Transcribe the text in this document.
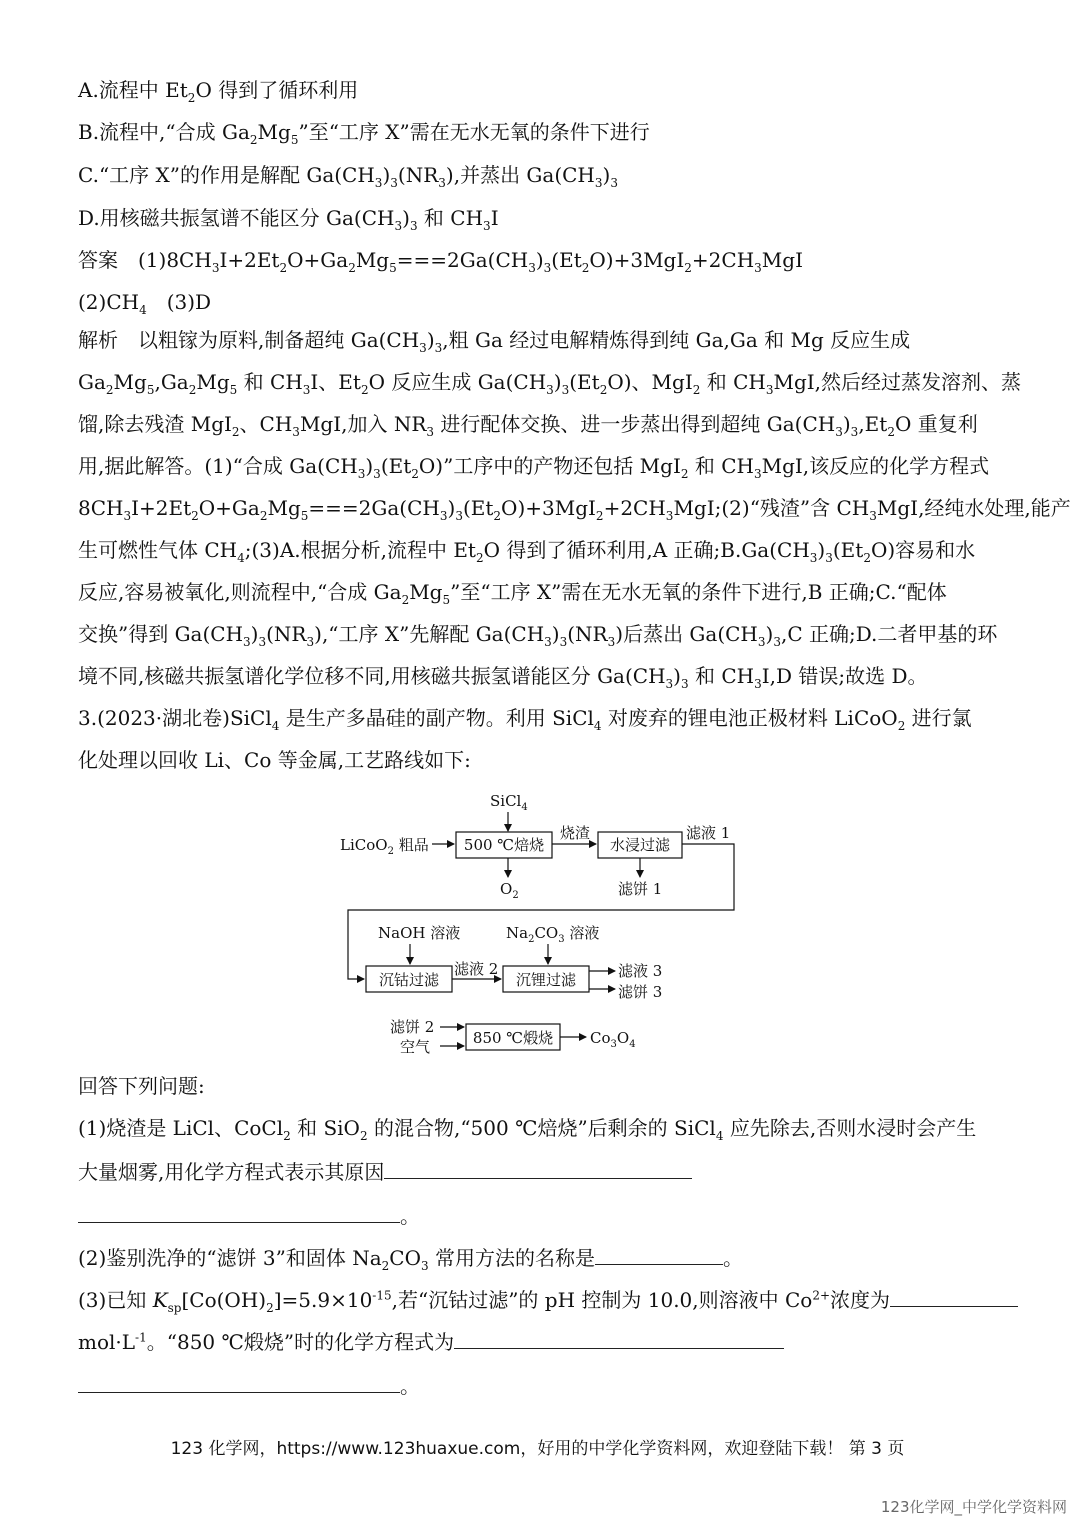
A.流程中 $Et_2O$ 得到了循环利用
B.流程中,“合成 $Ga_2Mg_5$”至“工序 X”需在无水无氧的条件下进行
C.“工序 X”的作用是解配 $Ga(CH_3)_3(NR_3)$,并蒸出 $Ga(CH_3)_3$
D.用核磁共振氢谱不能区分 $Ga(CH_3)_3$ 和 $CH_3I$
答案　$(1)8CH_3I+2Et_2O+Ga_2Mg_5===2Ga(CH_3)_3(Et_2O)+3MgI_2+2CH_3MgI$
$(2)CH_4$　(3)D
解析　以粗镓为原料,制备超纯 $Ga(CH_3)_3$,粗 Ga 经过电解精炼得到纯 Ga,Ga 和 Mg 反应生成
$Ga_2Mg_5,Ga_2Mg_5$ 和 $CH_3I$、$Et_2O$ 反应生成 $Ga(CH_3)_3(Et_2O)$、MgI$_2$ 和 $CH_3MgI$,然后经过蒸发溶剂、蒸
馏,除去残渣 MgI$_2$、$CH_3MgI$,加入 $NR_3$ 进行配体交换、进一步蒸出得到超纯 $Ga(CH_3)_3,Et_2O$ 重复利
用,据此解答。(1)“合成 $Ga(CH_3)_3(Et_2O)$”工序中的产物还包括 MgI$_2$ 和 $CH_3MgI$,该反应的化学方程式
$8CH_3I+2Et_2O+Ga_2Mg_5===2Ga(CH_3)_3(Et_2O)+3MgI_2+2CH_3MgI;(2)“$残渣”含 $CH_3MgI$,经纯水处理,能产
生可燃性气体 $CH_4;(3)A$.根据分析,流程中 $Et_2O$ 得到了循环利用,A 正确$;B.Ga(CH_3)_3(Et_2O)$容易和水
反应,容易被氧化,则流程中,“合成 $Ga_2Mg_5$”至“工序 X”需在无水无氧的条件下进行,B 正确;C.“配体
交换”得到 $Ga(CH_3)_3(NR_3),“$工序 X”先解配 $Ga(CH_3)_3(NR_3)$后蒸出 $Ga(CH_3)_3,C$ 正确;D.二者甲基的环
境不同,核磁共振氢谱化学位移不同,用核磁共振氢谱能区分 $Ga(CH_3)_3$ 和 $CH_3I,D$ 错误;故选 D。
3.(2023·湖北卷)SiCl$_4$ 是生产多晶硅的副产物。利用 SiCl$_4$ 对废弃的锂电池正极材料 LiCoO$_2$ 进行氯
化处理以回收 Li、Co 等金属,工艺路线如下:
SiCl$_4$
LiCoO$_2$ 粗品 500 ℃焙烧
$O_2$
烧渣
水浸过滤
滤液 1
滤饼 1
NaOH 溶液	$Na_2CO_3$ 溶液
沉钴过滤
滤液 2
沉锂过滤	滤液 3
滤饼 3
滤饼 2
空气	850 ℃煅烧 $Co_3O_4$
回答下列问题:
(1)烧渣是 LiCl、CoCl$_2$ 和 SiO$_2$ 的混合物,“500 ℃焙烧”后剩余的 SiCl$_4$ 应先除去,否则水浸时会产生
大量烟雾,用化学方程式表示其原因
。
(2)鉴别洗净的“滤饼 3”和固体 $Na_2CO_3$ 常用方法的名称是	。
(3)已知 $K_{sp}[Co(OH)_2]=5.9\times 10^{-15}$,若“沉钴过滤”的 pH 控制为 10.0,则溶液中 $Co^{2+}$浓度为
$mol\cdot L^{-1}$。“850 ℃煅烧”时的化学方程式为
。
123 化学网，https://www.123huaxue.com，好用的中学化学资料网，欢迎登陆下载！ 第 3 页
123化学网_中学化学资料网
